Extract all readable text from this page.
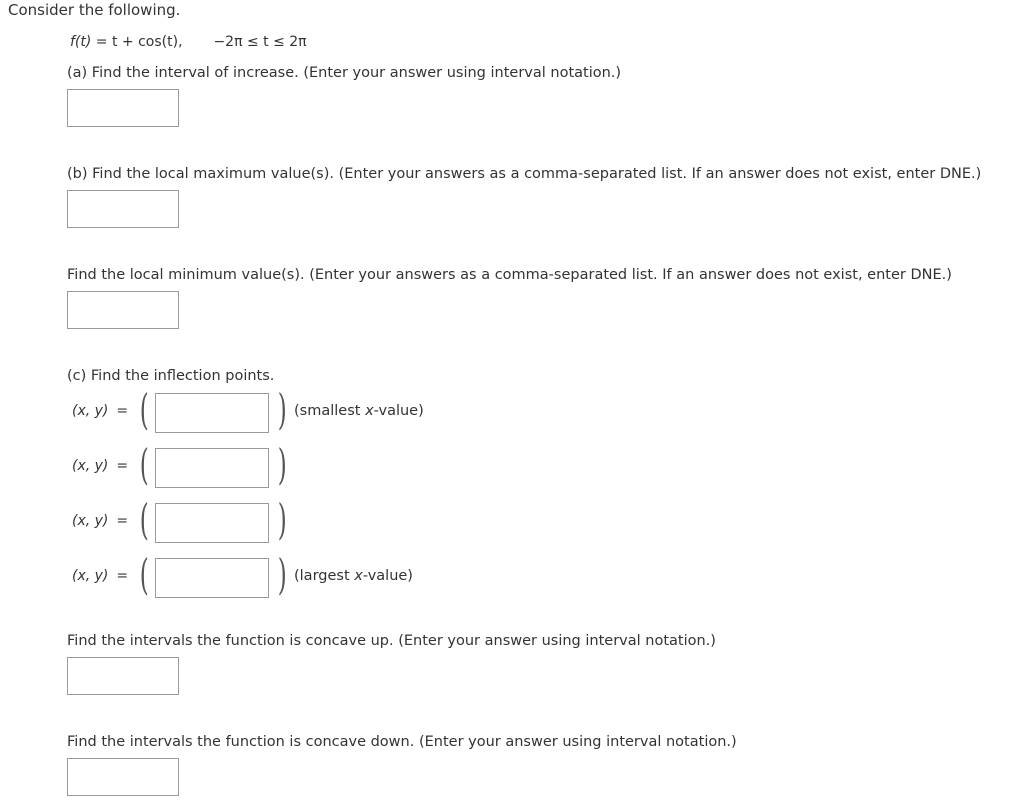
Consider the following.
f(t) = t + cos(t), −2π ≤ t ≤ 2π
(a) Find the interval of increase. (Enter your answer using interval notation.)
(b) Find the local maximum value(s). (Enter your answers as a comma-separated list. If an answer does not exist, enter DNE.)
Find the local minimum value(s). (Enter your answers as a comma-separated list. If an answer does not exist, enter DNE.)
(c) Find the inflection points.
(x, y) = (	) (smallest x-value)
(x, y) = (	)
(x, y) = (	)
(x, y) = (	) (largest x-value)
Find the intervals the function is concave up. (Enter your answer using interval notation.)
Find the intervals the function is concave down. (Enter your answer using interval notation.)
